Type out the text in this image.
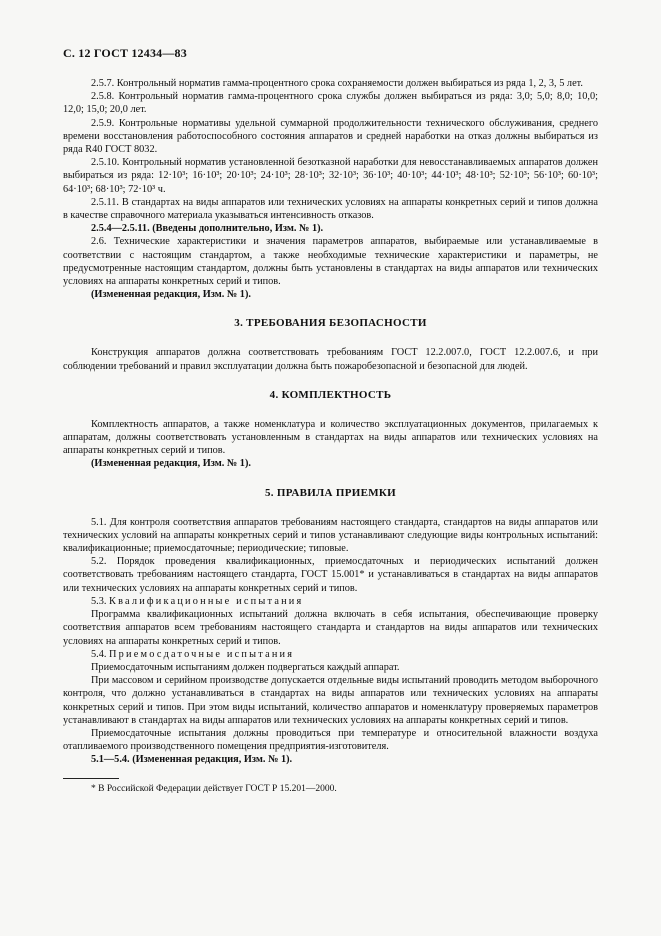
С. 12 ГОСТ 12434—83

2.5.7. Контрольный норматив гамма-процентного срока сохраняемости должен выбираться из ряда 1, 2, 3, 5 лет.

2.5.8. Контрольный норматив гамма-процентного срока службы должен выбираться из ряда: 3,0; 5,0; 8,0; 10,0; 12,0; 15,0; 20,0 лет.

2.5.9. Контрольные нормативы удельной суммарной продолжительности технического обслуживания, среднего времени восстановления работоспособного состояния аппаратов и средней наработки на отказ должны выбираться из ряда R40 ГОСТ 8032.

2.5.10. Контрольный норматив установленной безотказной наработки для невосстанавливаемых аппаратов должен выбираться из ряда: 12·10³; 16·10³; 20·10³; 24·10³; 28·10³; 32·10³; 36·10³; 40·10³; 44·10³; 48·10³; 52·10³; 56·10³; 60·10³; 64·10³; 68·10³; 72·10³ ч.

2.5.11. В стандартах на виды аппаратов или технических условиях на аппараты конкретных серий и типов должна в качестве справочного материала указываться интенсивность отказов.

2.5.4—2.5.11. (Введены дополнительно, Изм. № 1).

2.6. Технические характеристики и значения параметров аппаратов, выбираемые или устанавливаемые в соответствии с настоящим стандартом, а также необходимые технические характеристики и параметры, не предусмотренные настоящим стандартом, должны быть установлены в стандартах на виды аппаратов или технических условиях на аппараты конкретных серий и типов.

(Измененная редакция, Изм. № 1).

3. ТРЕБОВАНИЯ БЕЗОПАСНОСТИ

Конструкция аппаратов должна соответствовать требованиям ГОСТ 12.2.007.0, ГОСТ 12.2.007.6, и при соблюдении требований и правил эксплуатации должна быть пожаробезопасной и безопасной для людей.

4. КОМПЛЕКТНОСТЬ

Комплектность аппаратов, а также номенклатура и количество эксплуатационных документов, прилагаемых к аппаратам, должны соответствовать установленным в стандартах на виды аппаратов или технических условиях на аппараты конкретных серий и типов.

(Измененная редакция, Изм. № 1).

5. ПРАВИЛА ПРИЕМКИ

5.1. Для контроля соответствия аппаратов требованиям настоящего стандарта, стандартов на виды аппаратов или технических условий на аппараты конкретных серий и типов устанавливают следующие виды контрольных испытаний: квалификационные; приемосдаточные; периодические; типовые.

5.2. Порядок проведения квалификационных, приемосдаточных и периодических испытаний должен соответствовать требованиям настоящего стандарта, ГОСТ 15.001* и устанавливаться в стандартах на виды аппаратов или технических условиях на аппараты конкретных серий и типов.

5.3. Квалификационные испытания

Программа квалификационных испытаний должна включать в себя испытания, обеспечивающие проверку соответствия аппаратов всем требованиям настоящего стандарта и стандартов на виды аппаратов или технических условиях на аппараты конкретных серий и типов.

5.4. Приемосдаточные испытания

Приемосдаточным испытаниям должен подвергаться каждый аппарат.

При массовом и серийном производстве допускается отдельные виды испытаний проводить методом выборочного контроля, что должно устанавливаться в стандартах на виды аппаратов или технических условиях на аппараты конкретных серий и типов. При этом виды испытаний, количество аппаратов и номенклатуру проверяемых параметров устанавливают в стандартах на виды аппаратов или технических условиях на аппараты конкретных серий и типов.

Приемосдаточные испытания должны проводиться при температуре и относительной влажности воздуха отапливаемого производственного помещения предприятия-изготовителя.

5.1—5.4. (Измененная редакция, Изм. № 1).

* В Российской Федерации действует ГОСТ Р 15.201—2000.
